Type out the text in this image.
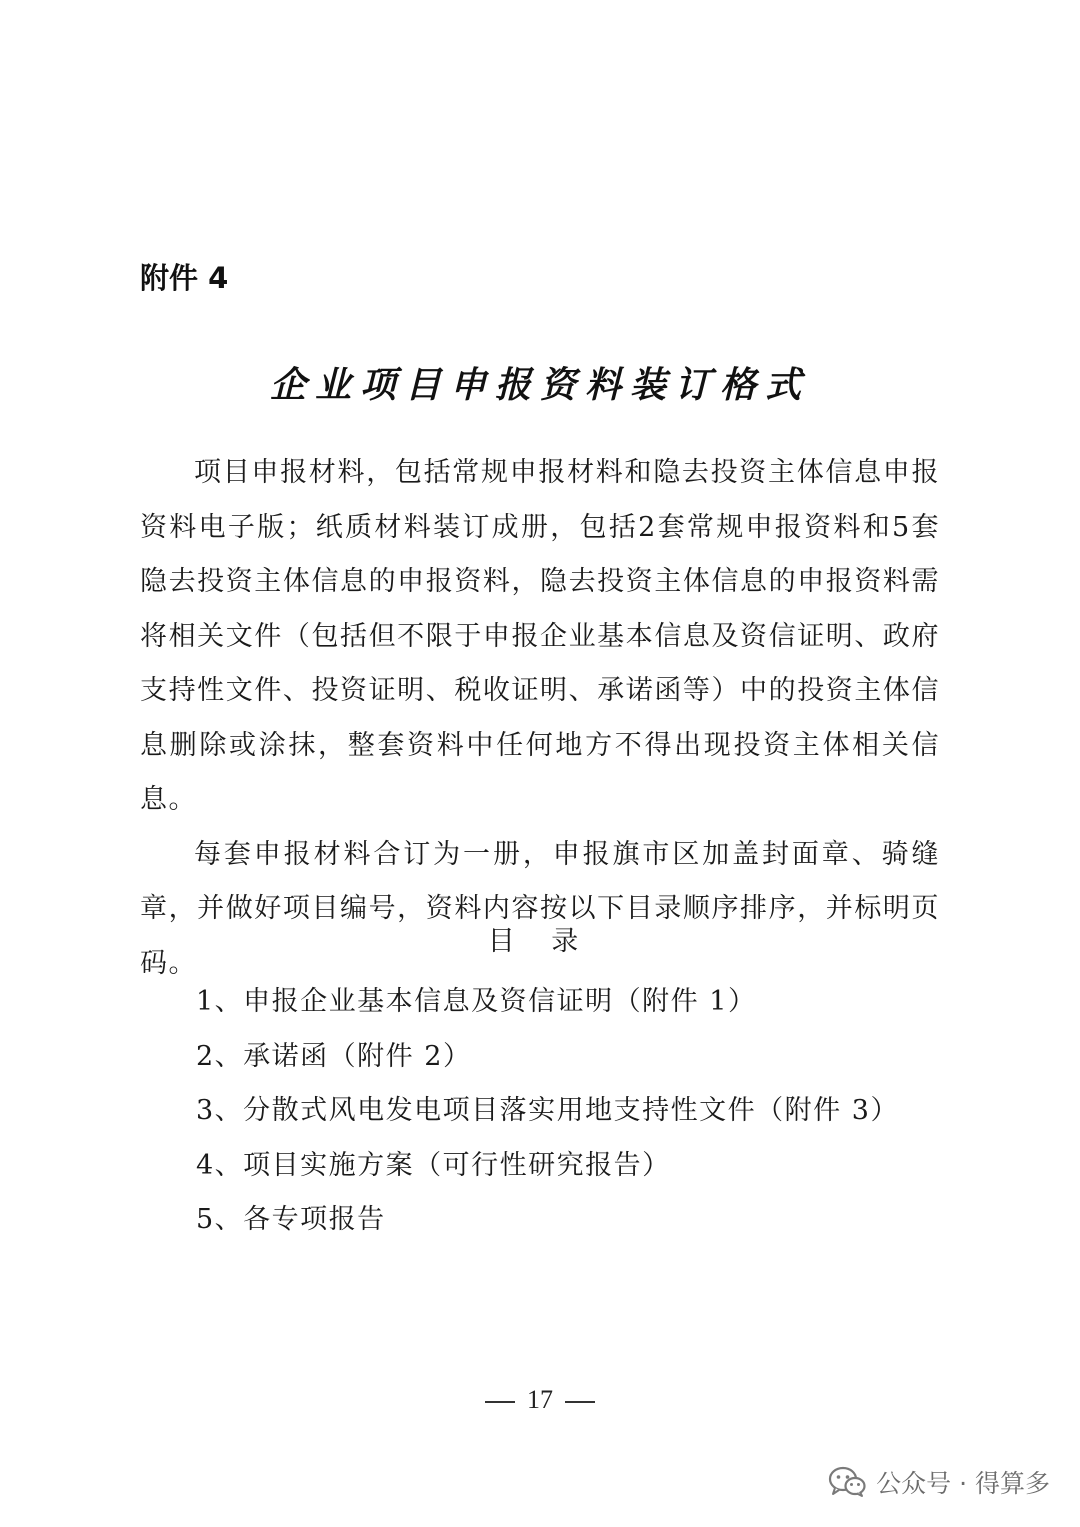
附件 4
企业项目申报资料装订格式

项目申报材料，包括常规申报材料和隐去投资主体信息申报资料电子版；纸质材料装订成册，包括2套常规申报资料和5套隐去投资主体信息的申报资料，隐去投资主体信息的申报资料需将相关文件（包括但不限于申报企业基本信息及资信证明、政府支持性文件、投资证明、税收证明、承诺函等）中的投资主体信息删除或涂抹，整套资料中任何地方不得出现投资主体相关信息。

每套申报材料合订为一册，申报旗市区加盖封面章、骑缝章，并做好项目编号，资料内容按以下目录顺序排序，并标明页码。

目 录
1、申报企业基本信息及资信证明（附件 1）
2、承诺函（附件 2）
3、分散式风电发电项目落实用地支持性文件（附件 3）
4、项目实施方案（可行性研究报告）
5、各专项报告
17
公众号 · 得算多
